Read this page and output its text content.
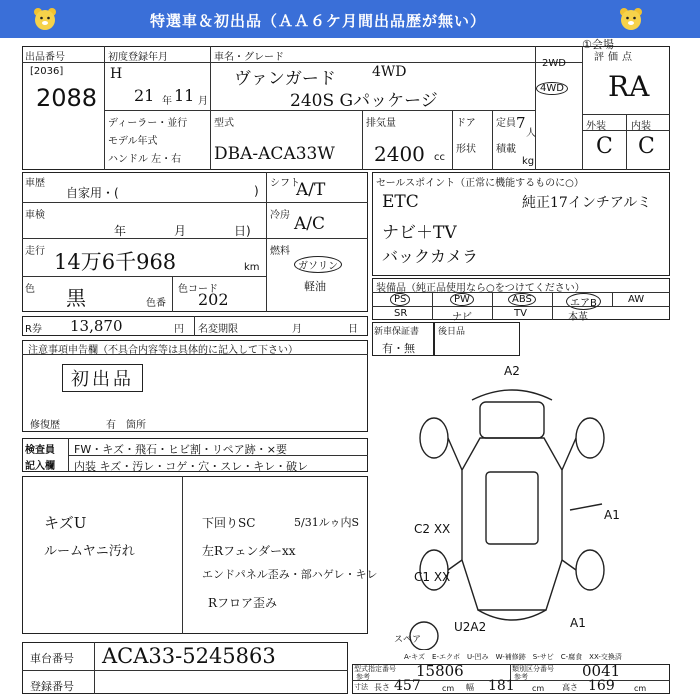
特選車＆初出品（ＡＡ６ケ月間出品歴が無い）
①会場
出品番号
[2036]
2088
初度登録年月
H
21 年 11 月
車名・グレード
ヴァンガード	4WD
240S Gパッケージ
2WD
4WD
評価点
RA
外装	内装
C C
ディーラー・並行
モデル年式
ハンドル 左・右
型式
DBA-ACA33W
排気量
2400 cc
ドア
形状
定員 7
人
積載
kg
車歴
自家用・(	)
車検
年	月	日)
走行 14万6千968	km
色 黒	色番
色コード
202
シフト
A/T
冷房 A/C
燃料
ガソリン
軽油
R券 13,870	円 名変期限	月	日
セールスポイント（正常に機能するものに○）
ETC	純正17インチアルミ
ナビ＋TV
バックカメラ
装備品（純正品使用なら○をつけてください）
PS	PW	ABS	エアB	AW
SR	ナビ	TV	本革
新車保証書
有・無
後日品
注意事項申告欄（不具合内容等は具体的に記入して下さい）
初出品
修復歴	有 箇所
検査員
記入欄
FW・キズ・飛石・ヒビ割・リペア跡・×要
内装 キズ・汚レ・コゲ・穴・スレ・キレ・破レ
キズU
ルームヤニ汚れ
下回りSC	5/31ルゥ内S
左Rフェンダーxx
エンドパネル歪み・部ハゲレ・キレ
Rフロア歪み
A2
C2 XX
C1 XX
A1
U2A2	A1
スペア
A-キズ　E-エクボ　U-凹み　W-補修跡　S-サビ　C-腐食　XX-交換済
車台番号 ACA33-5245863
登録番号
型式指定番号
参考	15806	類別区分番号
参考	0041
寸法 長さ 457	cm 幅 181 cm 高さ 169 cm
